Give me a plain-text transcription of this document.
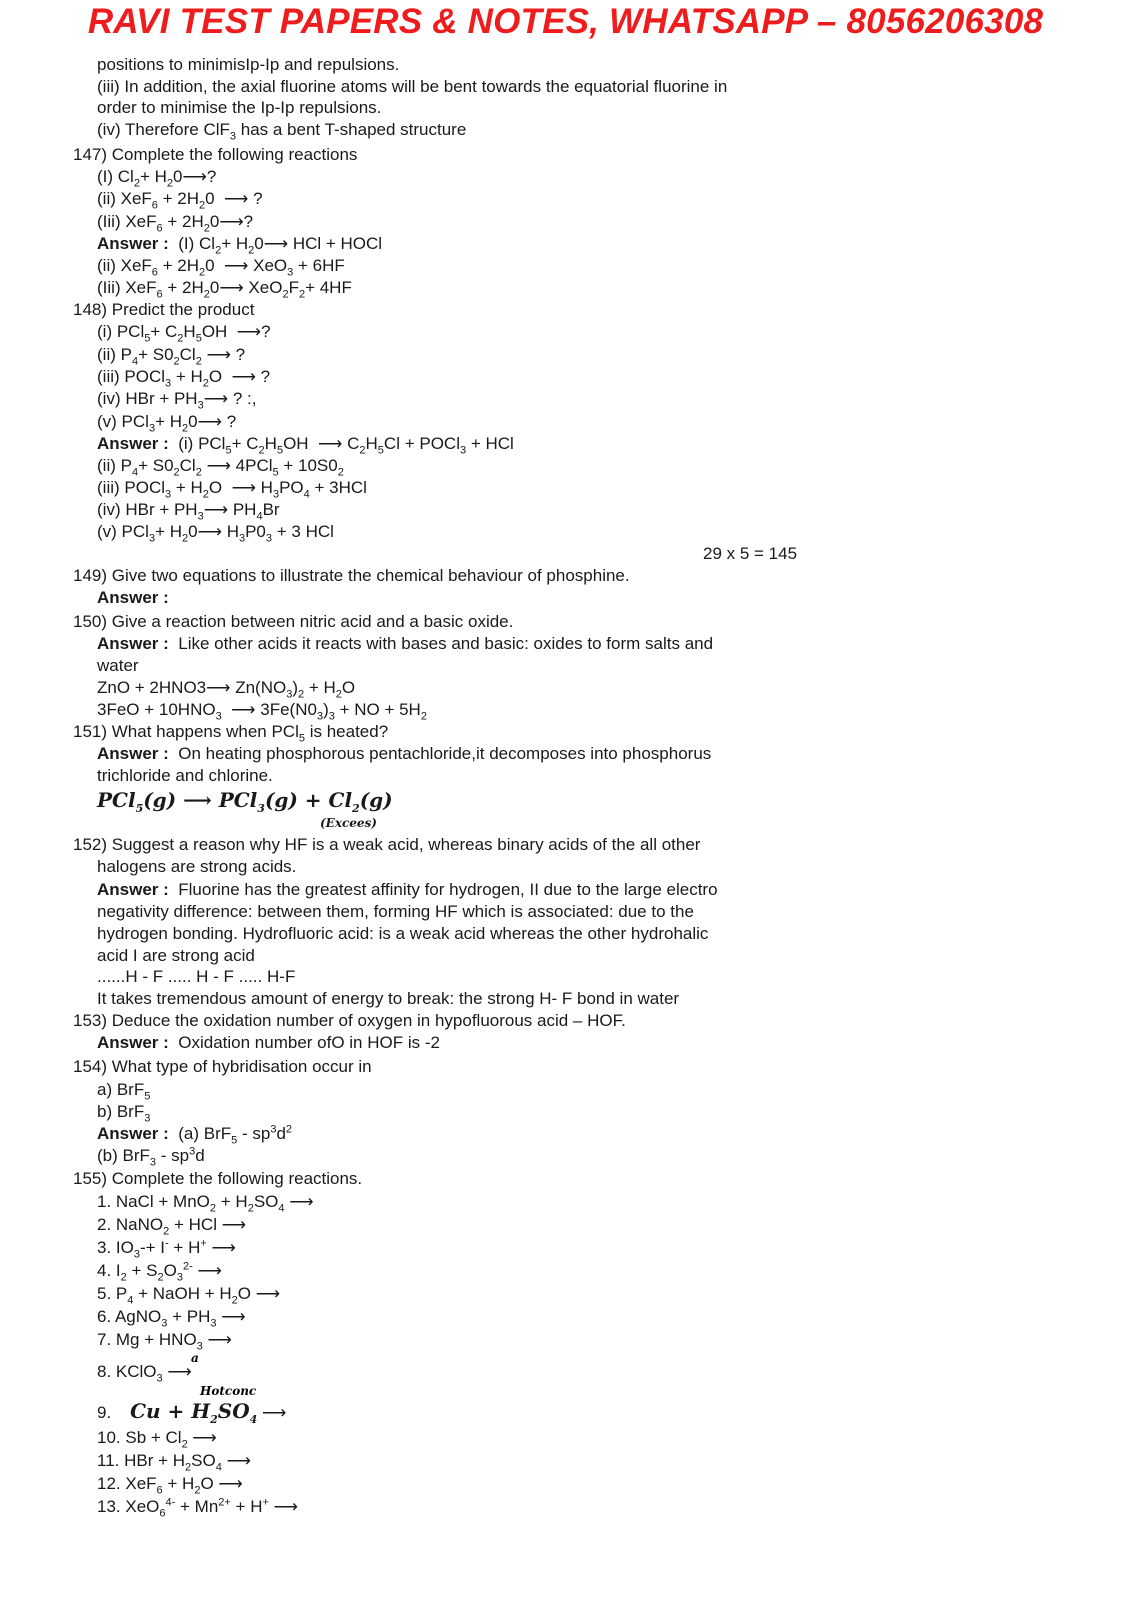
RAVI TEST PAPERS & NOTES, WHATSAPP – 8056206308
positions to minimisIp-Ip and repulsions.
(iii) In addition, the axial fluorine atoms will be bent towards the equatorial fluorine in
order to minimise the Ip-Ip repulsions.
(iv) Therefore ClF$_3$ has a bent T-shaped structure
147) Complete the following reactions
(I) $Cl_2+$ $H_20⟶$?
(ii) $XeF_6 + 2H_20$  ⟶ ?
(Iii) $XeF_6 + 2H_20⟶$?
Answer :  (I) $Cl_2+$ $H_20⟶$ HCl + HOCl
(ii) $XeF_6 + 2H_20$  ⟶ XeO$_3$ + 6HF
(Iii) $XeF_6 + 2H_20⟶$ $XeO_2F_2+ 4HF$
148) Predict the product
(i) $PCl_5+ C_2H_5OH$  ⟶?
(ii) $P_4+ S0_2Cl_2$ ⟶ ?
(iii) POCl$_3$ + $H_2O$  ⟶ ?
(iv) HBr + $PH_3⟶$ ? :,
(v) $PCl_3+ H_20⟶$ ?
Answer :  (i) $PCl_5+ C_2H_5OH$  ⟶ $C_2H_5Cl$ + POCl$_3$ + HCl
(ii) $P_4+ S0_2Cl_2$ ⟶ $4PCl_5 + 10S0_2$
(iii) POCl$_3$ + $H_2O$  ⟶ $H_3PO_4 + 3HCl$
(iv) HBr + $PH_3⟶$ $PH_4Br$
(v) $PCl_3+ H_20⟶$ $H_3P0_3 + 3$ HCl
29 x 5 = 145
149) Give two equations to illustrate the chemical behaviour of phosphine.
Answer :
150) Give a reaction between nitric acid and a basic oxide.
Answer : Like other acids it reacts with bases and basic: oxides to form salts and
water
ZnO + 2HNO3⟶ $Zn(NO_3)_2 + H_2O$
$3FeO + 10HNO_3$  ⟶ $3Fe(N0_3)_3$ + NO + $5H_2$
151) What happens when PCl$_5$ is heated?
Answer : On heating phosphorous pentachloride,it decomposes into phosphorus
trichloride and chlorine.
PCl$_5$(g) ⟶ $PCl_3(g) + Cl_2(g)$
(Excees)
152) Suggest a reason why HF is a weak acid, whereas binary acids of the all other
halogens are strong acids.
Answer : Fluorine has the greatest affinity for hydrogen, II due to the large electro
negativity difference: between them, forming HF which is associated: due to the
hydrogen bonding. Hydrofluoric acid: is a weak acid whereas the other hydrohalic
acid I are strong acid
......H - F ..... H - F ..... H-F
It takes tremendous amount of energy to break: the strong H- F bond in water
153) Deduce the oxidation number of oxygen in hypofluorous acid – HOF.
Answer : Oxidation number ofO in HOF is -2
154) What type of hybridisation occur in
a) BrF$_5$
b) BrF$_3$
Answer :  (a) $BrF_5 - sp^3d^2$
(b) $BrF_3 - sp^3d$
155) Complete the following reactions.
1. NaCl + $MnO_2 + H_2SO_4$ ⟶
2. NaNO$_2$ + HCl ⟶
3. $IO_3-+ I^- + H^+$ ⟶
4. $I_2 + S_2O_3^{2-}$ ⟶
5. $P_4$ + NaOH + $H_2O$ ⟶
6. AgNO$_3$ + $PH_3$ ⟶
7. $Mg + HNO_3$ ⟶
a
8. KClO$_3$ ⟶
Hotconc
9.    $Cu + H_2SO_4$ ⟶
10. $Sb + Cl_2$ ⟶
11. HBr + $H_2SO_4$ ⟶
12. $XeF_6 + H_2O$ ⟶
13. $XeO_6^{4-} + Mn^{2+} + H^+$ ⟶
